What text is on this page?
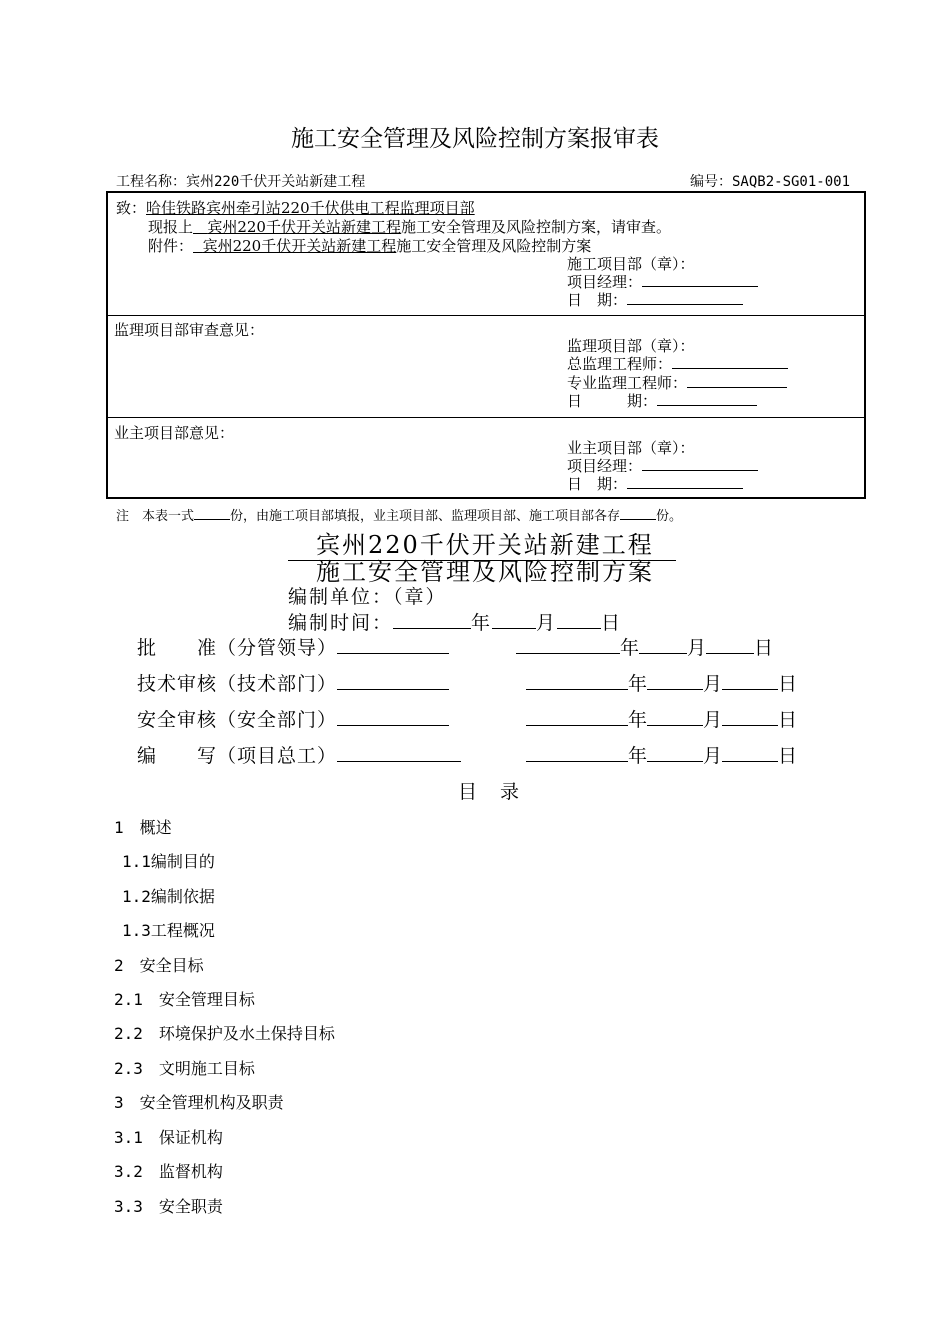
施工安全管理及风险控制方案报审表
工程名称：宾州220千伏开关站新建工程	编号：SAQB2-SG01-001
致：哈佳铁路宾州牵引站220千伏供电工程监理项目部
现报上 宾州220千伏开关站新建工程施工安全管理及风险控制方案，请审查。
附件： 宾州220千伏开关站新建工程施工安全管理及风险控制方案
施工项目部（章）：
项目经理：
日　期：
监理项目部审查意见：
监理项目部（章）：
总监理工程师：
专业监理工程师：
日　　　期：
业主项目部意见：
业主项目部（章）：
项目经理：
日　期：
注　本表一式	份，由施工项目部填报，业主项目部、监理项目部、施工项目部各存	份。
宾州220千伏开关站新建工程
施工安全管理及风险控制方案
编制单位：（章）
编制时间：	年 月 日
批　　准（分管领导）	年	月	日
技术审核（技术部门）	年	月	日
安全审核（安全部门）	年	月	日
编　　写（项目总工）	年	月	日
目　录
1　概述
1.1编制目的
1.2编制依据
1.3工程概况
2　安全目标
2.1　安全管理目标
2.2　环境保护及水土保持目标
2.3　文明施工目标
3　安全管理机构及职责
3.1　保证机构
3.2　监督机构
3.3　安全职责
